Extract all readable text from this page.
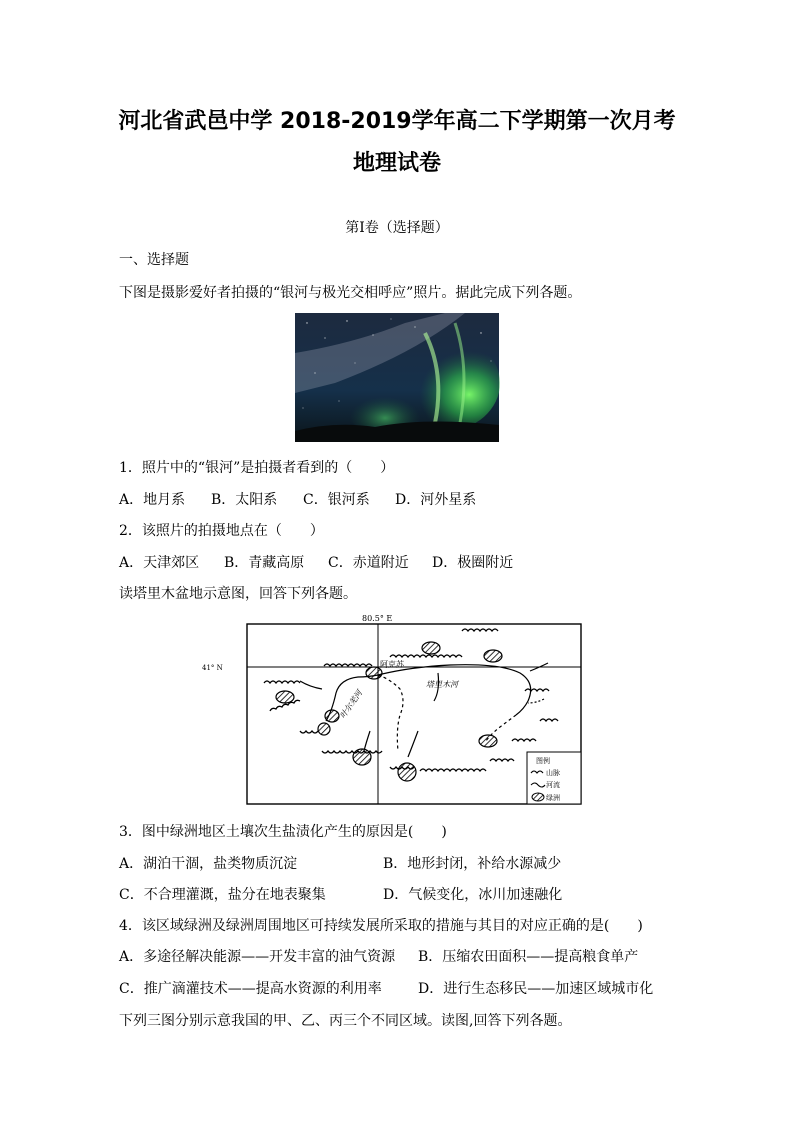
河北省武邑中学 2018-2019学年高二下学期第一次月考
地理试卷
第Ⅰ卷（选择题）
一、选择题
下图是摄影爱好者拍摄的“银河与极光交相呼应”照片。据此完成下列各题。
1．照片中的“银河”是拍摄者看到的（　　）
A．地月系 B．太阳系 C．银河系 D．河外星系
2．该照片的拍摄地点在（　　）
A．天津郊区 B．青藏高原 C．赤道附近 D．极圈附近
读塔里木盆地示意图，回答下列各题。
80.5° E
41° N	阿克苏
塔里木河
叶尔羌河
图例
山脉
河流
绿洲
3．图中绿洲地区土壤次生盐渍化产生的原因是(　　)
A．湖泊干涸，盐类物质沉淀	B．地形封闭，补给水源减少
C．不合理灌溉，盐分在地表聚集	D．气候变化，冰川加速融化
4．该区域绿洲及绿洲周围地区可持续发展所采取的措施与其目的对应正确的是(　　)
A．多途径解决能源——开发丰富的油气资源 B．压缩农田面积——提高粮食单产
C．推广滴灌技术——提高水资源的利用率	D．进行生态移民——加速区域城市化
下列三图分别示意我国的甲、乙、丙三个不同区域。读图,回答下列各题。
